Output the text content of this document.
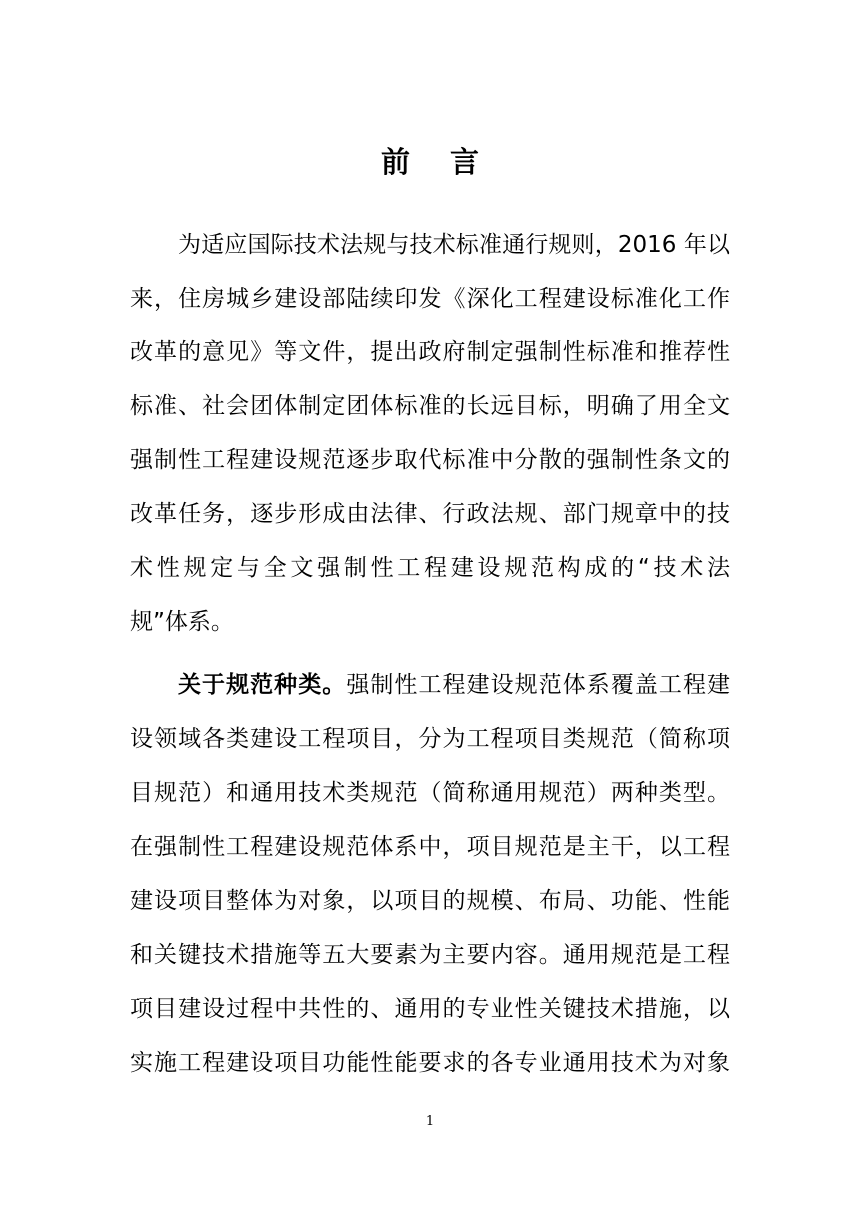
前言
为适应国际技术法规与技术标准通行规则，2016 年以
来，住房城乡建设部陆续印发《深化工程建设标准化工作
改革的意见》等文件，提出政府制定强制性标准和推荐性
标准、社会团体制定团体标准的长远目标，明确了用全文
强制性工程建设规范逐步取代标准中分散的强制性条文的
改革任务，逐步形成由法律、行政法规、部门规章中的技
术性规定与全文强制性工程建设规范构成的“技术法
规”体系。
关于规范种类。强制性工程建设规范体系覆盖工程建
设领域各类建设工程项目，分为工程项目类规范（简称项
目规范）和通用技术类规范（简称通用规范）两种类型。
在强制性工程建设规范体系中，项目规范是主干，以工程
建设项目整体为对象，以项目的规模、布局、功能、性能
和关键技术措施等五大要素为主要内容。通用规范是工程
项目建设过程中共性的、通用的专业性关键技术措施，以
实施工程建设项目功能性能要求的各专业通用技术为对象
1
